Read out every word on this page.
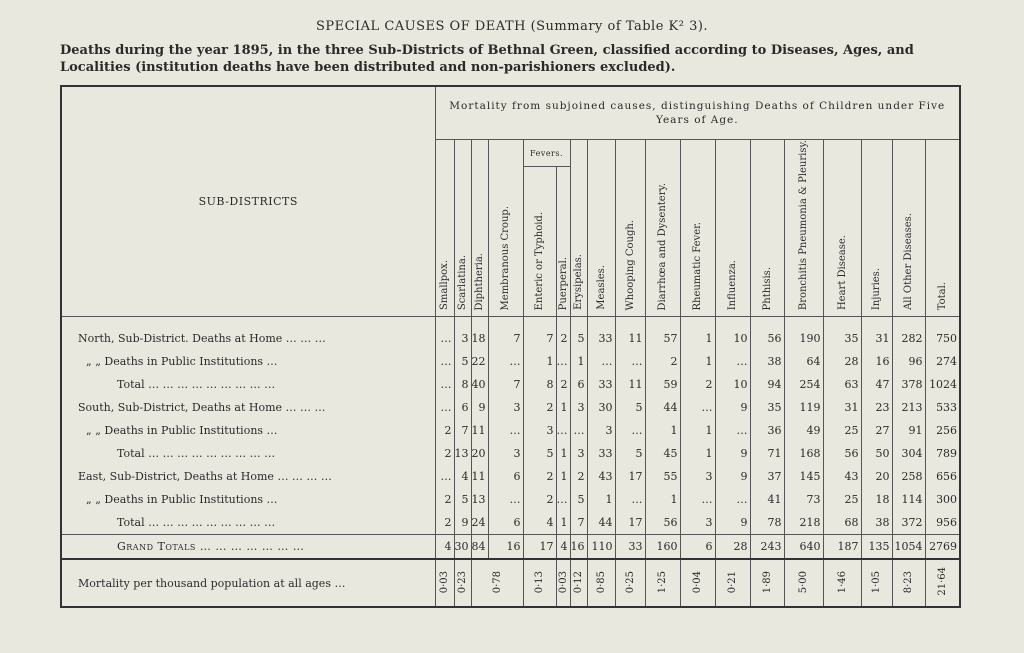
SPECIAL CAUSES OF DEATH (Summary of Table K² 3).
Deaths during the year 1895, in the three Sub-Districts of Bethnal Green, classified according to Diseases, Ages, and Localities (institution deaths have been distributed and non-parishioners excluded).
SUB-DISTRICTS	Mortality from subjoined causes, distinguishing Deaths of Children under Five Years of Age.																	
	Smallpox.	Scarlatina.	Diphtheria.	Membranous Croup.	Fevers.		Erysipelas.	Measles.	Whooping Cough.	Diarrhœa and Dysentery.	Rheumatic Fever.	Influenza.	Phthisis.	Bronchitis Pneumonia & Pleurisy.	Heart Disease.	Injuries.	All Other Diseases.	Total.
					Enteric or Typhoid.	Puerperal.												

North, Sub-District. Deaths at Home … … …	…	3	18	7	7	2	5	33	11	57	1	10	56	190	35	31	282	750
„ „ Deaths in Public Institutions …	…	5	22	…	1	…	1	…	…	2	1	…	38	64	28	16	96	274
Total … … … … … … … … …	…	8	40	7	8	2	6	33	11	59	2	10	94	254	63	47	378	1024
South, Sub-District, Deaths at Home … … …	…	6	9	3	2	1	3	30	5	44	…	9	35	119	31	23	213	533
„ „ Deaths in Public Institutions …	2	7	11	…	3	…	…	3	…	1	1	…	36	49	25	27	91	256
Total … … … … … … … … …	2	13	20	3	5	1	3	33	5	45	1	9	71	168	56	50	304	789
East, Sub-District, Deaths at Home … … … …	…	4	11	6	2	1	2	43	17	55	3	9	37	145	43	20	258	656
„ „ Deaths in Public Institutions …	2	5	13	…	2	…	5	1	…	1	…	…	41	73	25	18	114	300
Total … … … … … … … … …	2	9	24	6	4	1	7	44	17	56	3	9	78	218	68	38	372	956
Grand Totals … … … … … … …	4	30	84	16	17	4	16	110	33	160	6	28	243	640	187	135	1054	2769
Mortality per thousand population at all ages …	0·03	0·23	0·78		0·13	0·03	0·12	0·85	0·25	1·25	0·04	0·21	1·89	5·00	1·46	1·05	8·23	21·64
